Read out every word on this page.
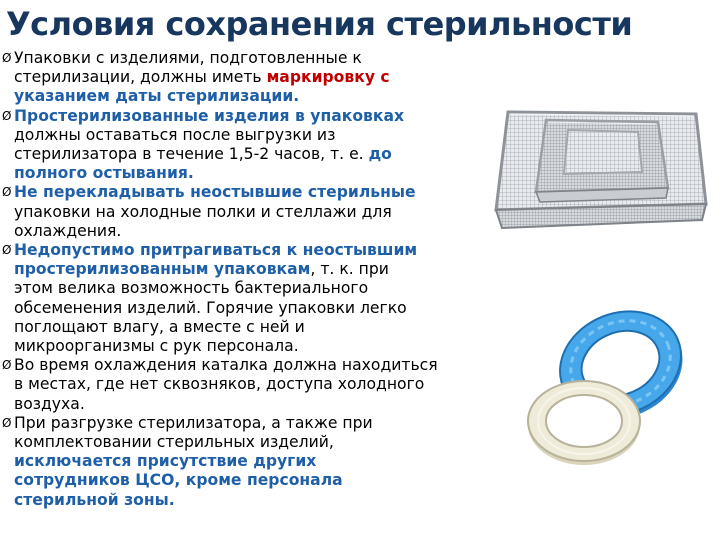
Условия сохранения стерильности
Ø Упаковки с изделиями, подготовленные к
стерилизации, должны иметь маркировку с
указанием даты стерилизации.
Ø Простерилизованные изделия в упаковках
должны оставаться после выгрузки из
стерилизатора в течение 1,5-2 часов, т. е. до
полного остывания.
Ø Не перекладывать неостывшие стерильные
упаковки на холодные полки и стеллажи для
охлаждения.
Ø Недопустимо притрагиваться к неостывшим
простерилизованным упаковкам, т. к. при
этом велика возможность бактериального
обсеменения изделий. Горячие упаковки легко
поглощают влагу, а вместе с ней и
микроорганизмы с рук персонала.
Ø Во время охлаждения каталка должна находиться
в местах, где нет сквозняков, доступа холодного
воздуха.
Ø При разгрузке стерилизатора, а также при
комплектовании стерильных изделий,
исключается присутствие других
сотрудников ЦСО, кроме персонала
стерильной зоны.
